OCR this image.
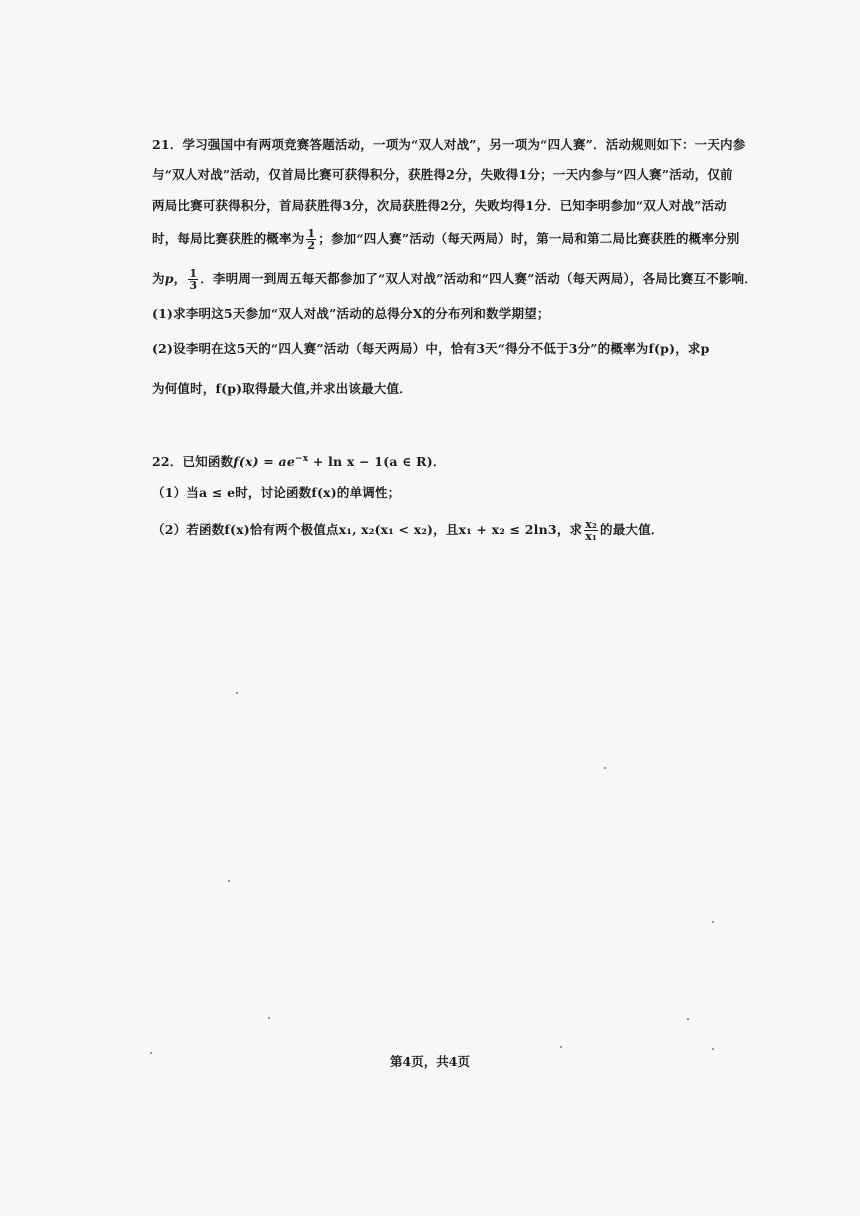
21．学习强国中有两项竞赛答题活动，一项为“双人对战”，另一项为“四人赛”．活动规则如下：一天内参
与“双人对战”活动，仅首局比赛可获得积分，获胜得2分，失败得1分；一天内参与“四人赛”活动，仅前
两局比赛可获得积分，首局获胜得3分，次局获胜得2分，失败均得1分．已知李明参加“双人对战”活动
时，每局比赛获胜的概率为 $\frac{1}{2}$ ；参加“四人赛”活动（每天两局）时，第一局和第二局比赛获胜的概率分别
为p， $\frac{1}{3}$ ．李明周一到周五每天都参加了“双人对战”活动和“四人赛”活动（每天两局），各局比赛互不影响．
(1)求李明这5天参加“双人对战”活动的总得分X的分布列和数学期望；
(2)设李明在这5天的“四人赛”活动（每天两局）中，恰有3天“得分不低于3分”的概率为f(p)，求p
为何值时，f(p)取得最大值,并求出该最大值．
22．已知函数$f(x) = ae^{-x} + \ln x - 1(a$ ∈ R)．
（1）当a ≤ e时，讨论函数f(x)的单调性；
（2）若函数f(x)恰有两个极值点x₁, x₂(x₁ < x₂)，且x₁ + x₂ ≤ 2ln3，求 $\frac{\text{x₂}}{\text{x₁}}$ 的最大值．
第4页，共4页
